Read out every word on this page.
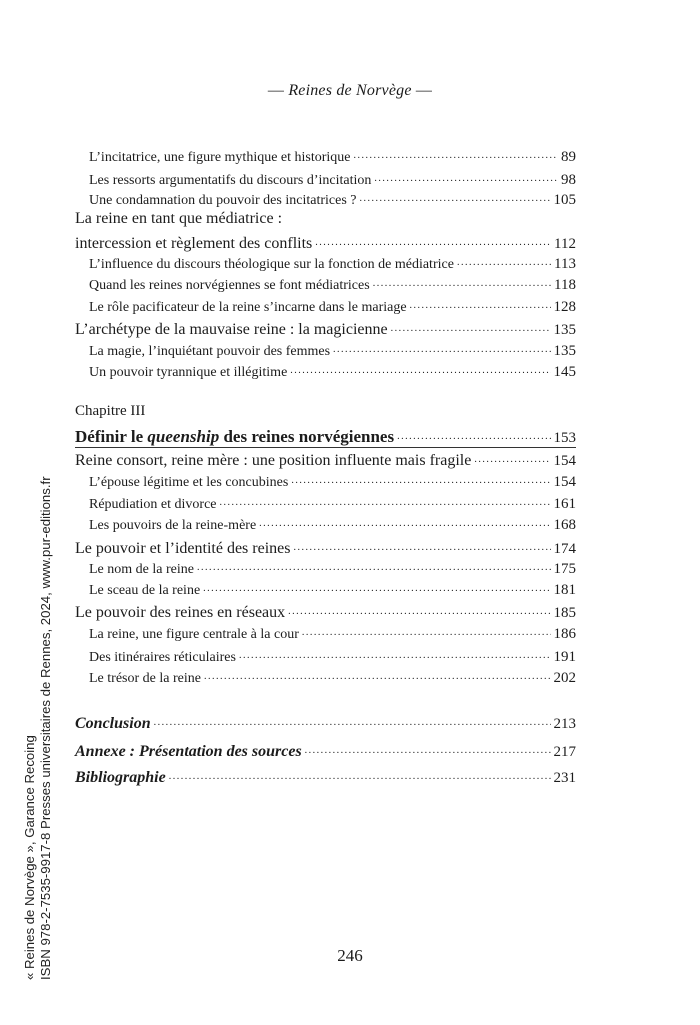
— Reines de Norvège —
L’incitatrice, une figure mythique et historique . . .	89
Les ressorts argumentatifs du discours d’incitation . . .	98
Une condamnation du pouvoir des incitatrices ? . . .	105
La reine en tant que médiatrice :
intercession et règlement des conflits . . .	112
L’influence du discours théologique sur la fonction de médiatrice . . .	113
Quand les reines norvégiennes se font médiatrices . . .	118
Le rôle pacificateur de la reine s’incarne dans le mariage . . .	128
L’archétype de la mauvaise reine : la magicienne . . .	135
La magie, l’inquiétant pouvoir des femmes . . .	135
Un pouvoir tyrannique et illégitime . . .	145
Chapitre III
Définir le queenship des reines norvégiennes . . .	153
Reine consort, reine mère : une position influente mais fragile . . .	154
L’épouse légitime et les concubines . . .	154
Répudiation et divorce . . .	161
Les pouvoirs de la reine-mère . . .	168
Le pouvoir et l’identité des reines . . .	174
Le nom de la reine . . .	175
Le sceau de la reine . . .	181
Le pouvoir des reines en réseaux . . .	185
La reine, une figure centrale à la cour . . .	186
Des itinéraires réticulaires . . .	191
Le trésor de la reine . . .	202
Conclusion . . .	213
Annexe : Présentation des sources . . .	217
Bibliographie . . .	231
246
« Reines de Norvège », Garance Recoing ISBN 978-2-7535-9917-8 Presses universitaires de Rennes, 2024, www.pur-editions.fr
